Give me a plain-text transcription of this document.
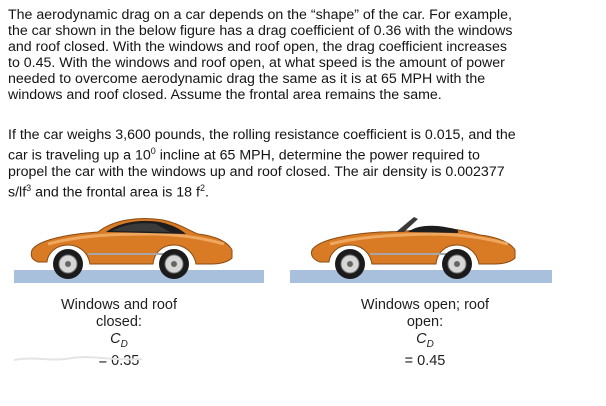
The aerodynamic drag on a car depends on the “shape” of the car. For example,
the car shown in the below figure has a drag coefficient of 0.36 with the windows
and roof closed. With the windows and roof open, the drag coefficient increases
to 0.45. With the windows and roof open, at what speed is the amount of power
needed to overcome aerodynamic drag the same as it is at 65 MPH with the
windows and roof closed. Assume the frontal area remains the same.
If the car weighs 3,600 pounds, the rolling resistance coefficient is 0.015, and the
car is traveling up a $10^0$ incline at 65 MPH, determine the power required to
propel the car with the windows up and roof closed. The air density is 0.002377
$s/lf^3$ and the frontal area is 18 $f^2$.
Windows and roof
closed:
$C_D$
= 0.35
Windows open; roof
open:
$C_D$
= 0.45
